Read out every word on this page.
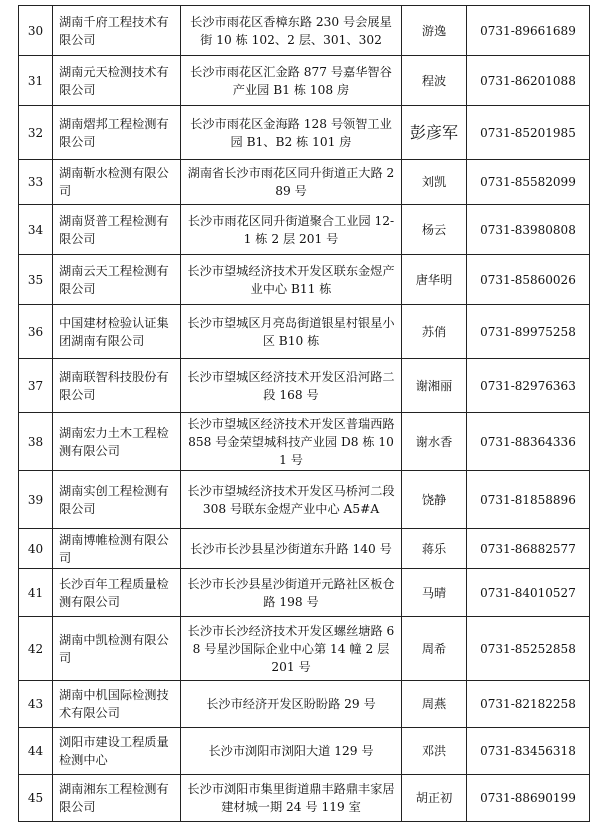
30	湖南千府工程技术有限公司	长沙市雨花区香樟东路 230 号会展星街 10 栋 102、2 层、301、302	游逸	0731-89661689
31	湖南元天检测技术有限公司	长沙市雨花区汇金路 877 号嘉华智谷产业园 B1 栋 108 房	程波	0731-86201088
32	湖南熠邦工程检测有限公司	长沙市雨花区金海路 128 号领智工业园 B1、B2 栋 101 房	彭彦军	0731-85201985
33	湖南靳水检测有限公司	湖南省长沙市雨花区同升街道正大路 289 号	刘凯	0731-85582099
34	湖南贤普工程检测有限公司	长沙市雨花区同升街道聚合工业园 12-1 栋 2 层 201 号	杨云	0731-83980808
35	湖南云天工程检测有限公司	长沙市望城经济技术开发区联东金煜产业中心 B11 栋	唐华明	0731-85860026
36	中国建材检验认证集团湖南有限公司	长沙市望城区月亮岛街道银星村银星小区 B10 栋	苏俏	0731-89975258
37	湖南联智科技股份有限公司	长沙市望城区经济技术开发区沿河路二段 168 号	谢湘丽	0731-82976363
38	湖南宏力土木工程检测有限公司	长沙市望城区经济技术开发区普瑞西路 858 号金荣望城科技产业园 D8 栋 101 号	谢水香	0731-88364336
39	湖南实创工程检测有限公司	长沙市望城经济技术开发区马桥河二段 308 号联东金煜产业中心 A5#A	饶静	0731-81858896
40	湖南博帷检测有限公司	长沙市长沙县星沙街道东升路 140 号	蒋乐	0731-86882577
41	长沙百年工程质量检测有限公司	长沙市长沙县星沙街道开元路社区板仓路 198 号	马晴	0731-84010527
42	湖南中凯检测有限公司	长沙市长沙经济技术开发区螺丝塘路 68 号星沙国际企业中心第 14 幢 2 层 201 号	周希	0731-85252858
43	湖南中机国际检测技术有限公司	长沙市经济开发区盼盼路 29 号	周燕	0731-82182258
44	浏阳市建设工程质量检测中心	长沙市浏阳市浏阳大道 129 号	邓洪	0731-83456318
45	湖南湘东工程检测有限公司	长沙市浏阳市集里街道鼎丰路鼎丰家居建材城一期 24 号 119 室	胡正初	0731-88690199
